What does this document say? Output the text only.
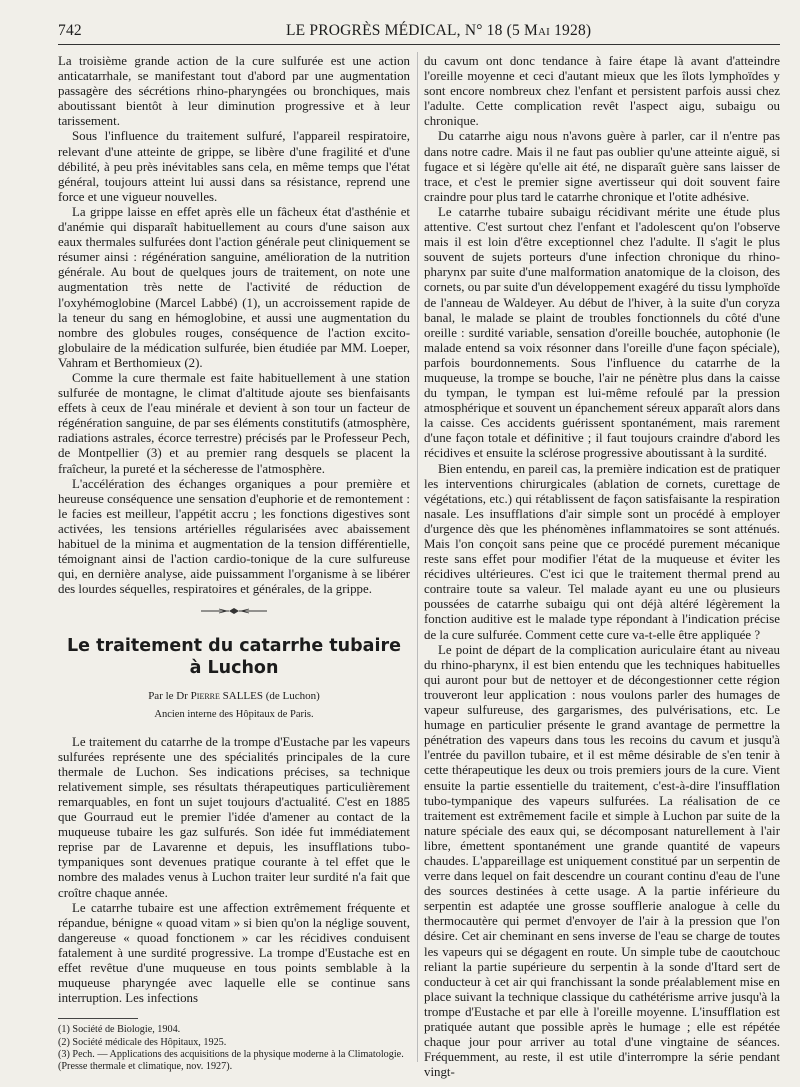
742	LE PROGRÈS MÉDICAL, N° 18 (5 Mai 1928)

La troisième grande action de la cure sulfurée est une action anticatarrhale, se manifestant tout d'abord par une augmentation passagère des sécrétions rhino-pharyngées ou bronchiques, mais aboutissant bientôt à leur diminution progressive et à leur tarissement.

Sous l'influence du traitement sulfuré, l'appareil respiratoire, relevant d'une atteinte de grippe, se libère d'une fragilité et d'une débilité, à peu près inévitables sans cela, en même temps que l'état général, toujours atteint lui aussi dans sa résistance, reprend une force et une vigueur nouvelles.

La grippe laisse en effet après elle un fâcheux état d'asthénie et d'anémie qui disparaît habituellement au cours d'une saison aux eaux thermales sulfurées dont l'action générale peut cliniquement se résumer ainsi : régénération sanguine, amélioration de la nutrition générale. Au bout de quelques jours de traitement, on note une augmentation très nette de l'activité de réduction de l'oxyhémoglobine (Marcel Labbé) (1), un accroissement rapide de la teneur du sang en hémoglobine, et aussi une augmentation du nombre des globules rouges, conséquence de l'action excito-globulaire de la médication sulfurée, bien étudiée par MM. Loeper, Vahram et Berthomieux (2).

Comme la cure thermale est faite habituellement à une station sulfurée de montagne, le climat d'altitude ajoute ses bienfaisants effets à ceux de l'eau minérale et devient à son tour un facteur de régénération sanguine, de par ses éléments constitutifs (atmosphère, radiations astrales, écorce terrestre) précisés par le Professeur Pech, de Montpellier (3) et au premier rang desquels se placent la fraîcheur, la pureté et la sécheresse de l'atmosphère.

L'accélération des échanges organiques a pour première et heureuse conséquence une sensation d'euphorie et de remontement : le facies est meilleur, l'appétit accru ; les fonctions digestives sont activées, les tensions artérielles régularisées avec abaissement habituel de la minima et augmentation de la tension différentielle, témoignant ainsi de l'action cardio-tonique de la cure sulfureuse qui, en dernière analyse, aide puissamment l'organisme à se libérer des lourdes séquelles, respiratoires et générales, de la grippe.

Le traitement du catarrhe tubaire
à Luchon
Par le Dr Pierre SALLES (de Luchon)
Ancien interne des Hôpitaux de Paris.

Le traitement du catarrhe de la trompe d'Eustache par les vapeurs sulfurées représente une des spécialités principales de la cure thermale de Luchon. Ses indications précises, sa technique relativement simple, ses résultats thérapeutiques particulièrement remarquables, en font un sujet toujours d'actualité. C'est en 1885 que Gourraud eut le premier l'idée d'amener au contact de la muqueuse tubaire les gaz sulfurés. Son idée fut immédiatement reprise par de Lavarenne et depuis, les insufflations tubo-tympaniques sont devenues pratique courante à tel effet que le nombre des malades venus à Luchon traiter leur surdité n'a fait que croître chaque année.

Le catarrhe tubaire est une affection extrêmement fréquente et répandue, bénigne « quoad vitam » si bien qu'on la néglige souvent, dangereuse « quoad fonctionem » car les récidives conduisent fatalement à une surdité progressive. La trompe d'Eustache est en effet revêtue d'une muqueuse en tous points semblable à la muqueuse pharyngée avec laquelle elle se continue sans interruption. Les infections

(1) Société de Biologie, 1904.
(2) Société médicale des Hôpitaux, 1925.
(3) Pech. — Applications des acquisitions de la physique moderne à la Climatologie. (Presse thermale et climatique, nov. 1927).

du cavum ont donc tendance à faire étape là avant d'atteindre l'oreille moyenne et ceci d'autant mieux que les îlots lymphoïdes y sont encore nombreux chez l'enfant et persistent parfois aussi chez l'adulte. Cette complication revêt l'aspect aigu, subaigu ou chronique.

Du catarrhe aigu nous n'avons guère à parler, car il n'entre pas dans notre cadre. Mais il ne faut pas oublier qu'une atteinte aiguë, si fugace et si légère qu'elle ait été, ne disparaît guère sans laisser de trace, et c'est le premier signe avertisseur qui doit souvent faire craindre pour plus tard le catarrhe chronique et l'otite adhésive.

Le catarrhe tubaire subaigu récidivant mérite une étude plus attentive. C'est surtout chez l'enfant et l'adolescent qu'on l'observe mais il est loin d'être exceptionnel chez l'adulte. Il s'agit le plus souvent de sujets porteurs d'une infection chronique du rhino-pharynx par suite d'une malformation anatomique de la cloison, des cornets, ou par suite d'un développement exagéré du tissu lymphoïde de l'anneau de Waldeyer. Au début de l'hiver, à la suite d'un coryza banal, le malade se plaint de troubles fonctionnels du côté d'une oreille : surdité variable, sensation d'oreille bouchée, autophonie (le malade entend sa voix résonner dans l'oreille d'une façon spéciale), parfois bourdonnements. Sous l'influence du catarrhe de la muqueuse, la trompe se bouche, l'air ne pénètre plus dans la caisse du tympan, le tympan est lui-même refoulé par la pression atmosphérique et souvent un épanchement séreux apparaît alors dans la caisse. Ces accidents guérissent spontanément, mais rarement d'une façon totale et définitive ; il faut toujours craindre d'abord les récidives et ensuite la sclérose progressive aboutissant à la surdité.

Bien entendu, en pareil cas, la première indication est de pratiquer les interventions chirurgicales (ablation de cornets, curettage de végétations, etc.) qui rétablissent de façon satisfaisante la respiration nasale. Les insufflations d'air simple sont un procédé à employer d'urgence dès que les phénomènes inflammatoires se sont atténués. Mais l'on conçoit sans peine que ce procédé purement mécanique reste sans effet pour modifier l'état de la muqueuse et éviter les récidives ultérieures. C'est ici que le traitement thermal prend au contraire toute sa valeur. Tel malade ayant eu une ou plusieurs poussées de catarrhe subaigu qui ont déjà altéré légèrement la fonction auditive est le malade type répondant à l'indication précise de la cure sulfurée. Comment cette cure va-t-elle être appliquée ?

Le point de départ de la complication auriculaire étant au niveau du rhino-pharynx, il est bien entendu que les techniques habituelles qui auront pour but de nettoyer et de décongestionner cette région trouveront leur application : nous voulons parler des humages de vapeur sulfureuse, des gargarismes, des pulvérisations, etc. Le humage en particulier présente le grand avantage de permettre la pénétration des vapeurs dans tous les recoins du cavum et jusqu'à l'entrée du pavillon tubaire, et il est même désirable de s'en tenir à cette thérapeutique les deux ou trois premiers jours de la cure. Vient ensuite la partie essentielle du traitement, c'est-à-dire l'insufflation tubo-tympanique des vapeurs sulfurées. La réalisation de ce traitement est extrêmement facile et simple à Luchon par suite de la nature spéciale des eaux qui, se décomposant naturellement à l'air libre, émettent spontanément une grande quantité de vapeurs chaudes. L'appareillage est uniquement constitué par un serpentin de verre dans lequel on fait descendre un courant continu d'eau de l'une des sources destinées à cette usage. A la partie inférieure du serpentin est adaptée une grosse soufflerie analogue à celle du thermocautère qui permet d'envoyer de l'air à la pression que l'on désire. Cet air cheminant en sens inverse de l'eau se charge de toutes les vapeurs qui se dégagent en route. Un simple tube de caoutchouc reliant la partie supérieure du serpentin à la sonde d'Itard sert de conducteur à cet air qui franchissant la sonde préalablement mise en place suivant la technique classique du cathétérisme arrive jusqu'à la trompe d'Eustache et par elle à l'oreille moyenne. L'insufflation est pratiquée autant que possible après le humage ; elle est répétée chaque jour pour arriver au total d'une vingtaine de séances. Fréquemment, au reste, il est utile d'interrompre la série pendant vingt-
